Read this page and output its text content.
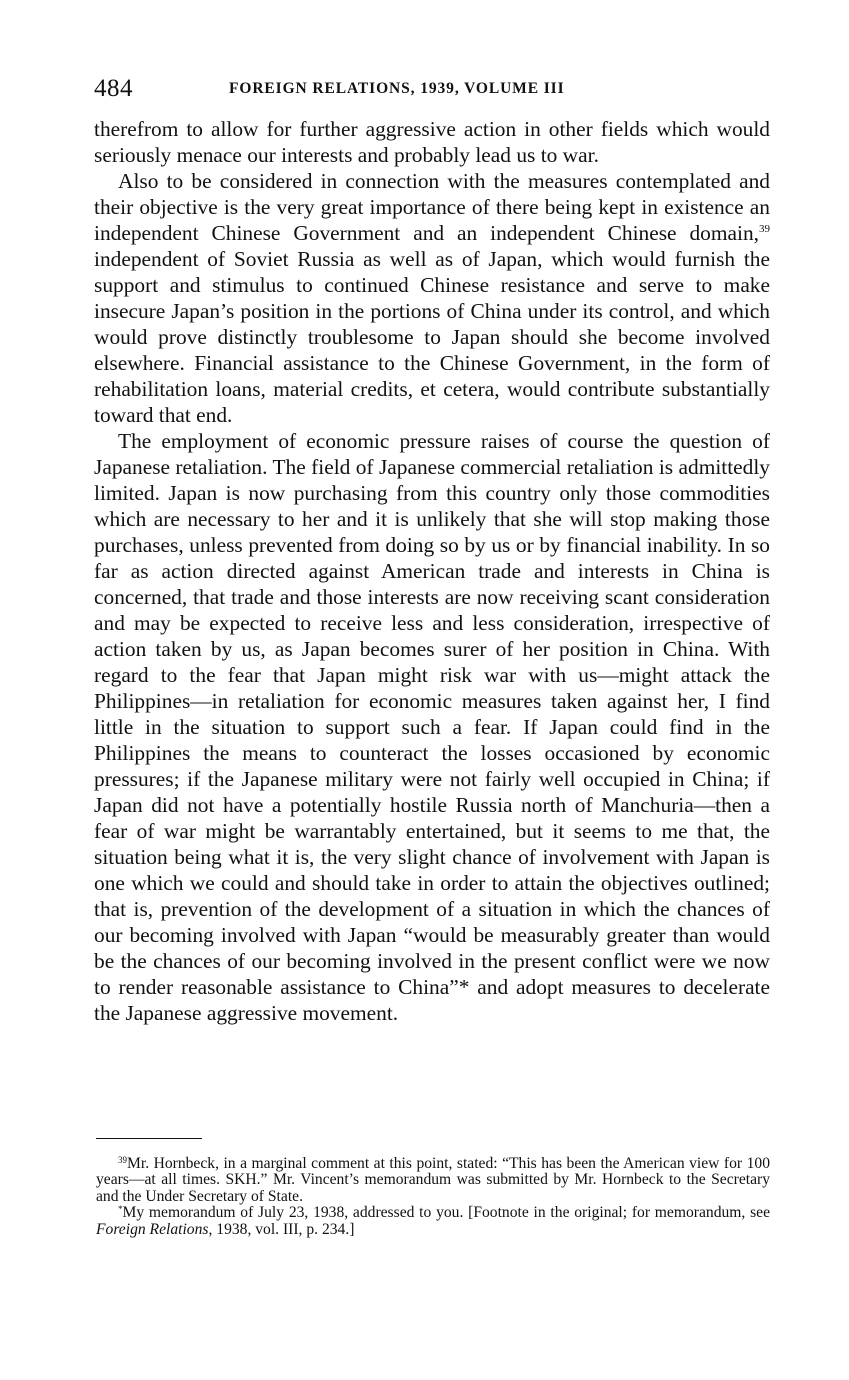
484	FOREIGN RELATIONS, 1939, VOLUME III

therefrom to allow for further aggressive action in other fields which would seriously menace our interests and probably lead us to war.

Also to be considered in connection with the measures contemplated and their objective is the very great importance of there being kept in existence an independent Chinese Government and an independent Chinese domain,$^{39}$ independent of Soviet Russia as well as of Japan, which would furnish the support and stimulus to continued Chinese resistance and serve to make insecure Japan’s position in the portions of China under its control, and which would prove distinctly troublesome to Japan should she become involved elsewhere. Financial assistance to the Chinese Government, in the form of rehabilitation loans, material credits, et cetera, would contribute substantially toward that end.

The employment of economic pressure raises of course the question of Japanese retaliation. The field of Japanese commercial retaliation is admittedly limited. Japan is now purchasing from this country only those commodities which are necessary to her and it is unlikely that she will stop making those purchases, unless prevented from doing so by us or by financial inability. In so far as action directed against American trade and interests in China is concerned, that trade and those interests are now receiving scant consideration and may be expected to receive less and less consideration, irrespective of action taken by us, as Japan becomes surer of her position in China. With regard to the fear that Japan might risk war with us—might attack the Philippines—in retaliation for economic measures taken against her, I find little in the situation to support such a fear. If Japan could find in the Philippines the means to counteract the losses occasioned by economic pressures; if the Japanese military were not fairly well occupied in China; if Japan did not have a potentially hostile Russia north of Manchuria—then a fear of war might be warrantably entertained, but it seems to me that, the situation being what it is, the very slight chance of involvement with Japan is one which we could and should take in order to attain the objectives outlined; that is, prevention of the development of a situation in which the chances of our becoming involved with Japan “would be measurably greater than would be the chances of our becoming involved in the present conflict were we now to render reasonable assistance to China”* and adopt measures to decelerate the Japanese aggressive movement.

$^{39}$Mr. Hornbeck, in a marginal comment at this point, stated: “This has been the American view for 100 years—at all times. SKH.” Mr. Vincent’s memorandum was submitted by Mr. Hornbeck to the Secretary and the Under Secretary of State.

*My memorandum of July 23, 1938, addressed to you. [Footnote in the original; for memorandum, see Foreign Relations, 1938, vol. III, p. 234.]
